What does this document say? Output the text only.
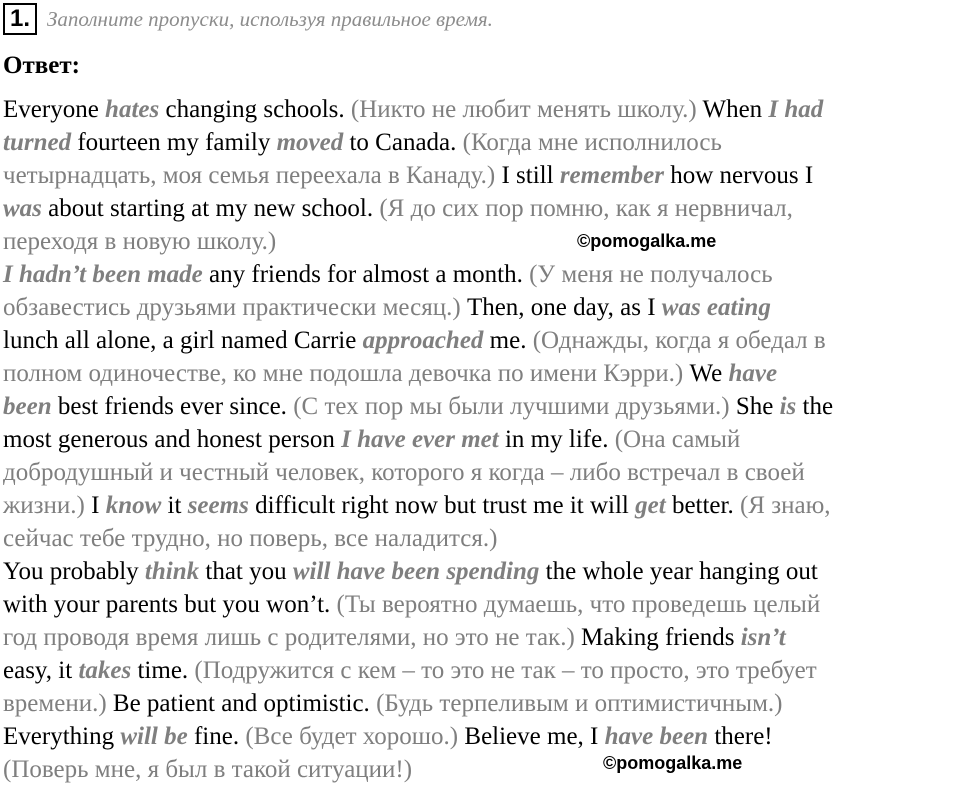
1. Заполните пропуски, используя правильное время.
Ответ:
Everyone hates changing schools. (Никто не любит менять школу.) When I had
turned fourteen my family moved to Canada. (Когда мне исполнилось
четырнадцать, моя семья переехала в Канаду.) I still remember how nervous I
was about starting at my new school. (Я до сих пор помню, как я нервничал,
переходя в новую школу.)
I hadn’t been made any friends for almost a month. (У меня не получалось
обзавестись друзьями практически месяц.) Then, one day, as I was eating
lunch all alone, a girl named Carrie approached me. (Однажды, когда я обедал в
полном одиночестве, ко мне подошла девочка по имени Кэрри.) We have
been best friends ever since. (С тех пор мы были лучшими друзьями.) She is the
most generous and honest person I have ever met in my life. (Она самый
добродушный и честный человек, которого я когда – либо встречал в своей
жизни.) I know it seems difficult right now but trust me it will get better. (Я знаю,
сейчас тебе трудно, но поверь, все наладится.)
You probably think that you will have been spending the whole year hanging out
with your parents but you won’t. (Ты вероятно думаешь, что проведешь целый
год проводя время лишь с родителями, но это не так.) Making friends isn’t
easy, it takes time. (Подружится с кем – то это не так – то просто, это требует
времени.) Be patient and optimistic. (Будь терпеливым и оптимистичным.)
Everything will be fine. (Все будет хорошо.) Believe me, I have been there!
(Поверь мне, я был в такой ситуации!)
©pomogalka.me
©pomogalka.me
